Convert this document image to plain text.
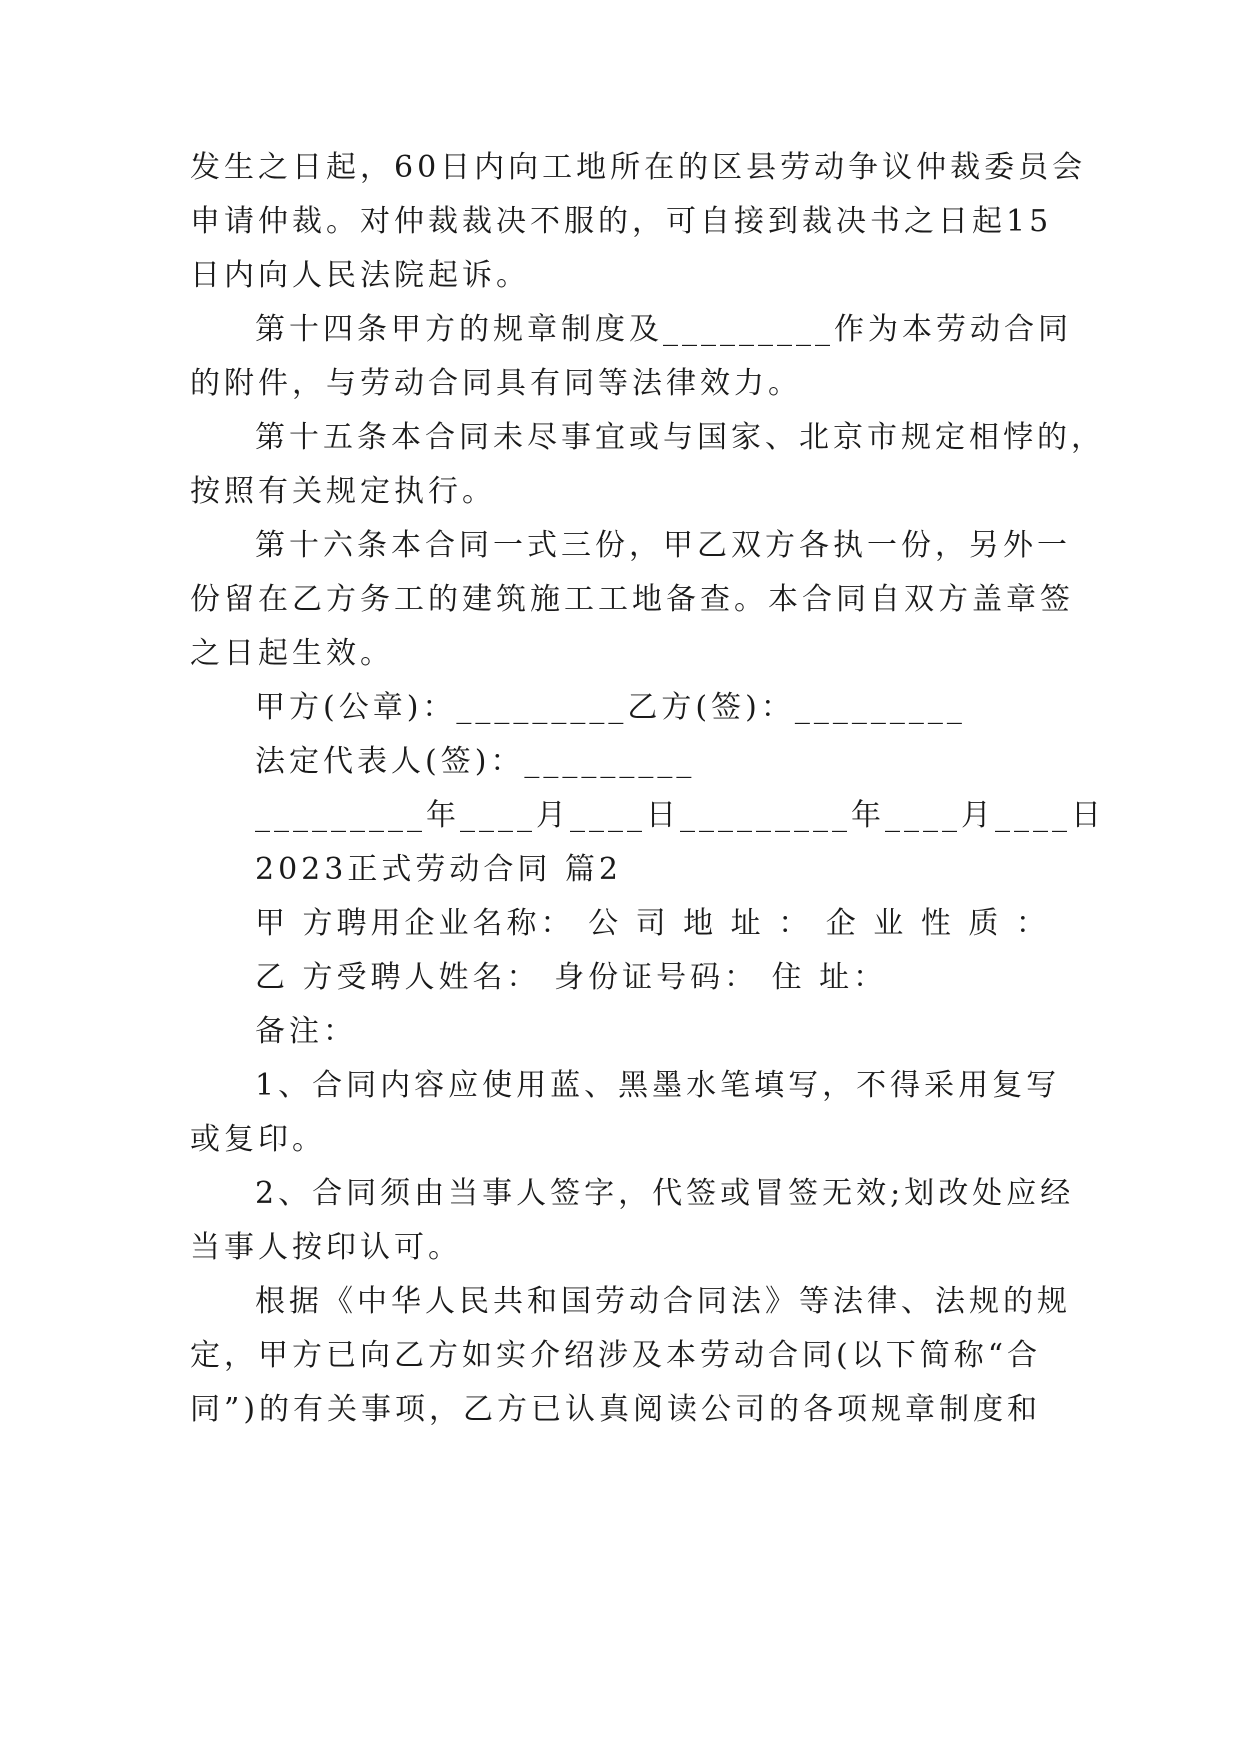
发生之日起，60日内向工地所在的区县劳动争议仲裁委员会
申请仲裁。对仲裁裁决不服的，可自接到裁决书之日起15
日内向人民法院起诉。
第十四条甲方的规章制度及_________作为本劳动合同
的附件，与劳动合同具有同等法律效力。
第十五条本合同未尽事宜或与国家、北京市规定相悖的，
按照有关规定执行。
第十六条本合同一式三份，甲乙双方各执一份，另外一
份留在乙方务工的建筑施工工地备查。本合同自双方盖章签
之日起生效。
甲方(公章)：_________乙方(签)：_________
法定代表人(签)：_________
_________年____月____日_________年____月____日
2023正式劳动合同 篇2
甲 方聘用企业名称： 公 司 地 址 ： 企 业 性 质 ：
乙 方受聘人姓名： 身份证号码： 住 址：
备注：
1、合同内容应使用蓝、黑墨水笔填写，不得采用复写
或复印。
2、合同须由当事人签字，代签或冒签无效;划改处应经
当事人按印认可。
根据《中华人民共和国劳动合同法》等法律、法规的规
定，甲方已向乙方如实介绍涉及本劳动合同(以下简称“合
同”)的有关事项，乙方已认真阅读公司的各项规章制度和
